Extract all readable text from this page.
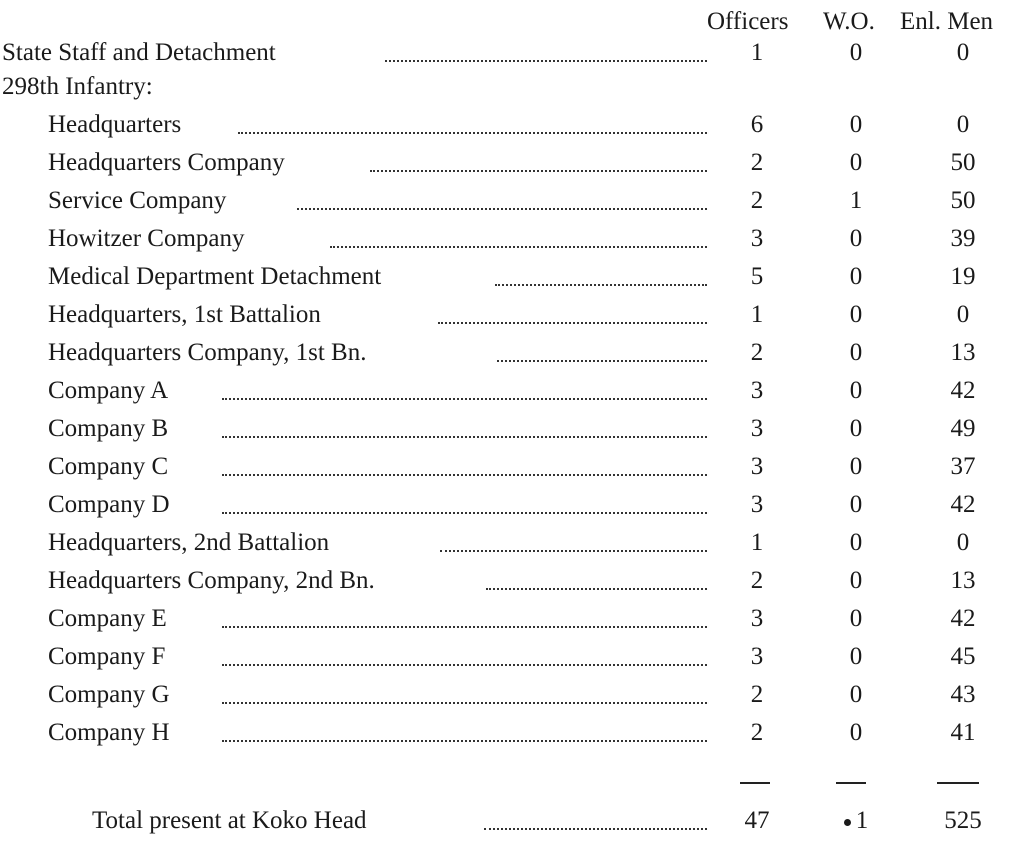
Officers W.O. Enl. Men
State Staff and Detachment	1	0	0
298th Infantry:
Headquarters	6	0	0
Headquarters Company	2	0	50
Service Company	2	1	50
Howitzer Company	3	0	39
Medical Department Detachment	5	0	19
Headquarters, 1st Battalion	1	0	0
Headquarters Company, 1st Bn.	2	0	13
Company A	3	0	42
Company B	3	0	49
Company C	3	0	37
Company D	3	0	42
Headquarters, 2nd Battalion	1	0	0
Headquarters Company, 2nd Bn.	2	0	13
Company E	3	0	42
Company F	3	0	45
Company G	2	0	43
Company H	2	0	41
Total present at Koko Head	47	1	525
